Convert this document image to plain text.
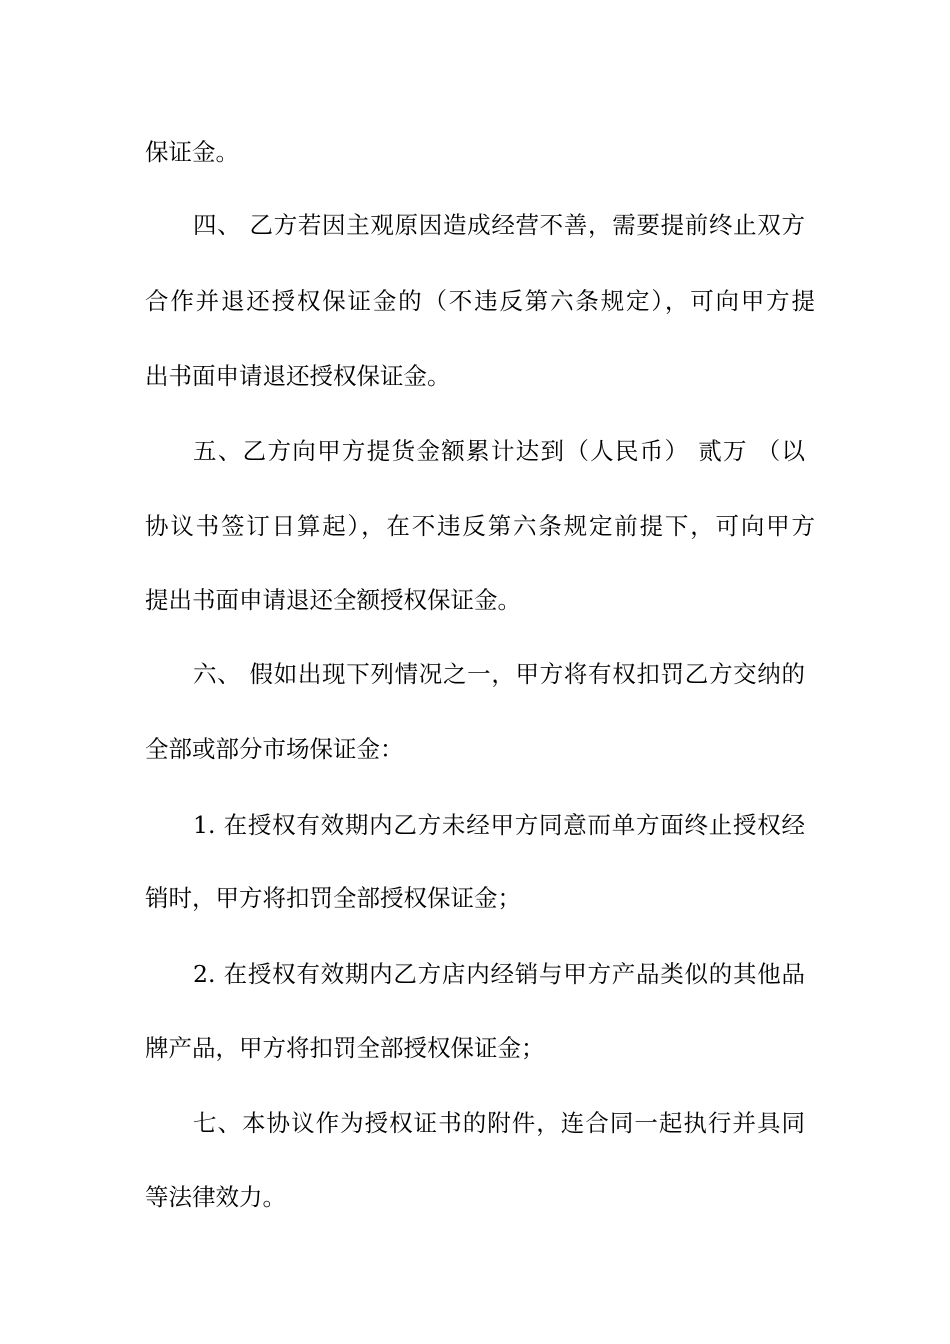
保证金。
四、 乙方若因主观原因造成经营不善，需要提前终止双方
合作并退还授权保证金的（不违反第六条规定），可向甲方提
出书面申请退还授权保证金。
五、乙方向甲方提货金额累计达到（人民币） 贰万 （以
协议书签订日算起），在不违反第六条规定前提下，可向甲方
提出书面申请退还全额授权保证金。
六、 假如出现下列情况之一，甲方将有权扣罚乙方交纳的
全部或部分市场保证金：
1. 在授权有效期内乙方未经甲方同意而单方面终止授权经
销时，甲方将扣罚全部授权保证金；
2. 在授权有效期内乙方店内经销与甲方产品类似的其他品
牌产品，甲方将扣罚全部授权保证金；
七、本协议作为授权证书的附件，连合同一起执行并具同
等法律效力。
